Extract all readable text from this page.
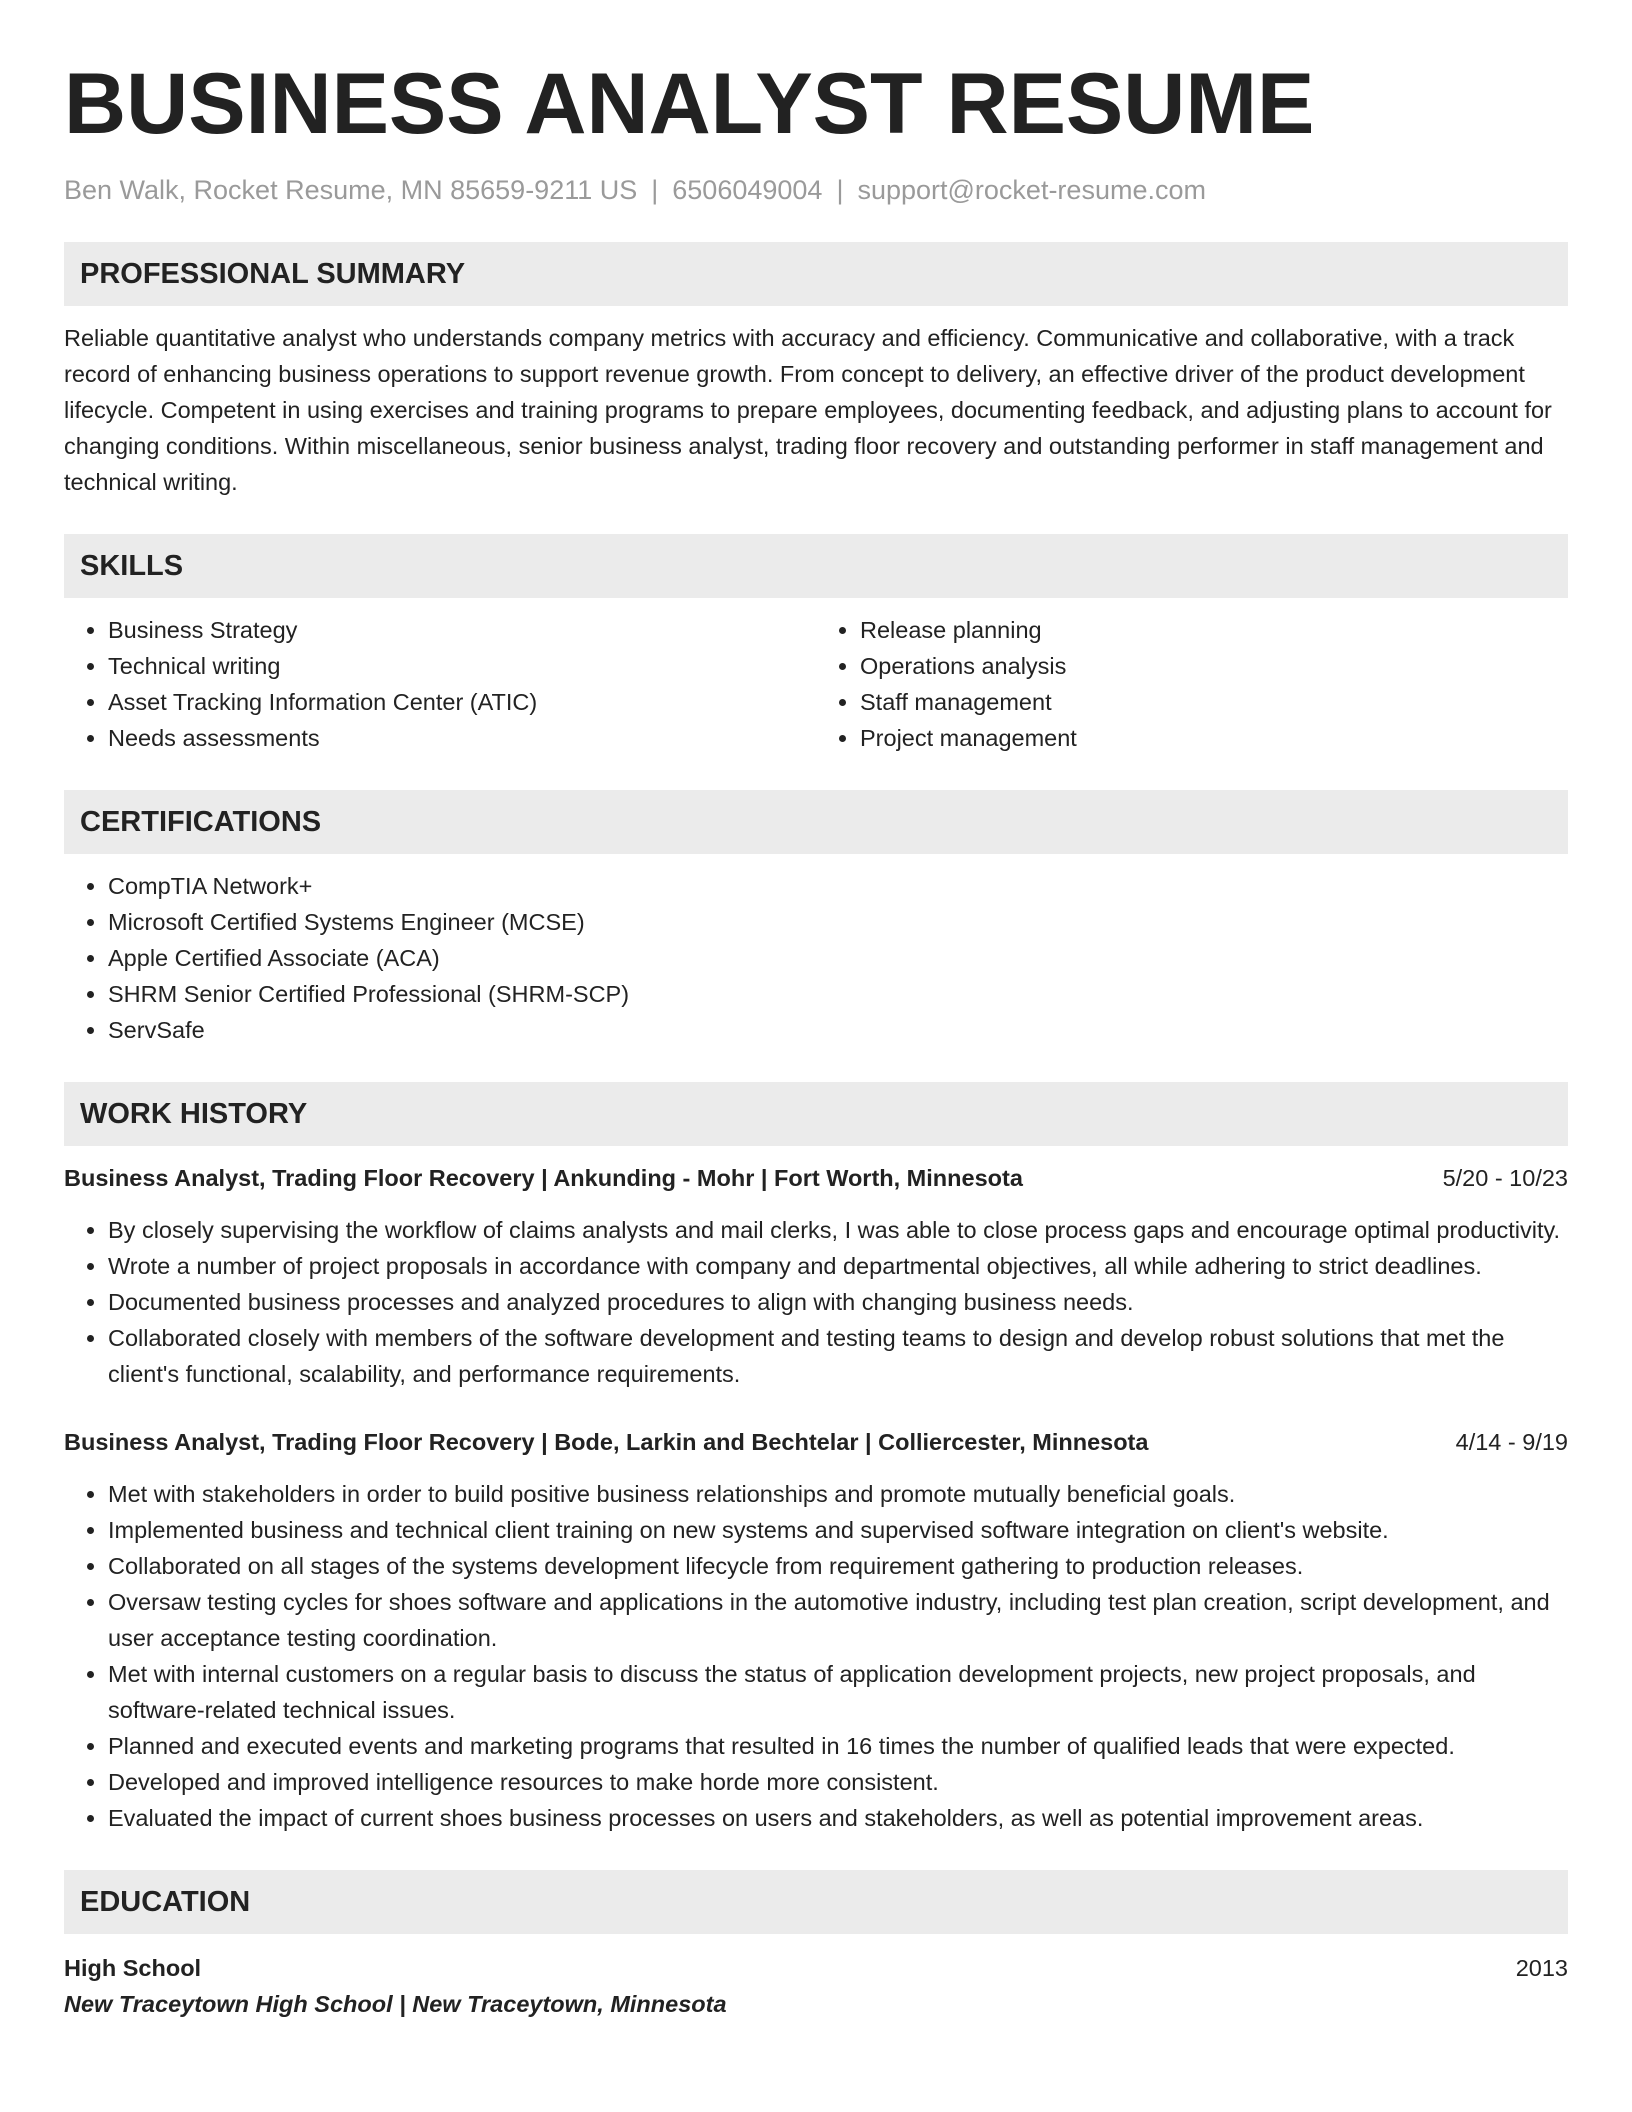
BUSINESS ANALYST RESUME
Ben Walk, Rocket Resume, MN 85659-9211 US | 6506049004 | support@rocket-resume.com
PROFESSIONAL SUMMARY

Reliable quantitative analyst who understands company metrics with accuracy and efficiency. Communicative and collaborative, with a track record of enhancing business operations to support revenue growth. From concept to delivery, an effective driver of the product development lifecycle. Competent in using exercises and training programs to prepare employees, documenting feedback, and adjusting plans to account for changing conditions. Within miscellaneous, senior business analyst, trading floor recovery and outstanding performer in staff management and technical writing.

SKILLS
• Business Strategy
• Technical writing
• Asset Tracking Information Center (ATIC)
• Needs assessments
• Release planning
• Operations analysis
• Staff management
• Project management
CERTIFICATIONS
• CompTIA Network+
• Microsoft Certified Systems Engineer (MCSE)
• Apple Certified Associate (ACA)
• SHRM Senior Certified Professional (SHRM-SCP)
• ServSafe
WORK HISTORY
Business Analyst, Trading Floor Recovery | Ankunding - Mohr | Fort Worth, Minnesota	5/20 - 10/23
• By closely supervising the workflow of claims analysts and mail clerks, I was able to close process gaps and encourage optimal productivity.
• Wrote a number of project proposals in accordance with company and departmental objectives, all while adhering to strict deadlines.
• Documented business processes and analyzed procedures to align with changing business needs.
• Collaborated closely with members of the software development and testing teams to design and develop robust solutions that met the client's functional, scalability, and performance requirements.
Business Analyst, Trading Floor Recovery | Bode, Larkin and Bechtelar | Colliercester, Minnesota	4/14 - 9/19
• Met with stakeholders in order to build positive business relationships and promote mutually beneficial goals.
• Implemented business and technical client training on new systems and supervised software integration on client's website.
• Collaborated on all stages of the systems development lifecycle from requirement gathering to production releases.
• Oversaw testing cycles for shoes software and applications in the automotive industry, including test plan creation, script development, and user acceptance testing coordination.
• Met with internal customers on a regular basis to discuss the status of application development projects, new project proposals, and software-related technical issues.
• Planned and executed events and marketing programs that resulted in 16 times the number of qualified leads that were expected.
• Developed and improved intelligence resources to make horde more consistent.
• Evaluated the impact of current shoes business processes on users and stakeholders, as well as potential improvement areas.
EDUCATION
High School	2013
New Traceytown High School | New Traceytown, Minnesota
